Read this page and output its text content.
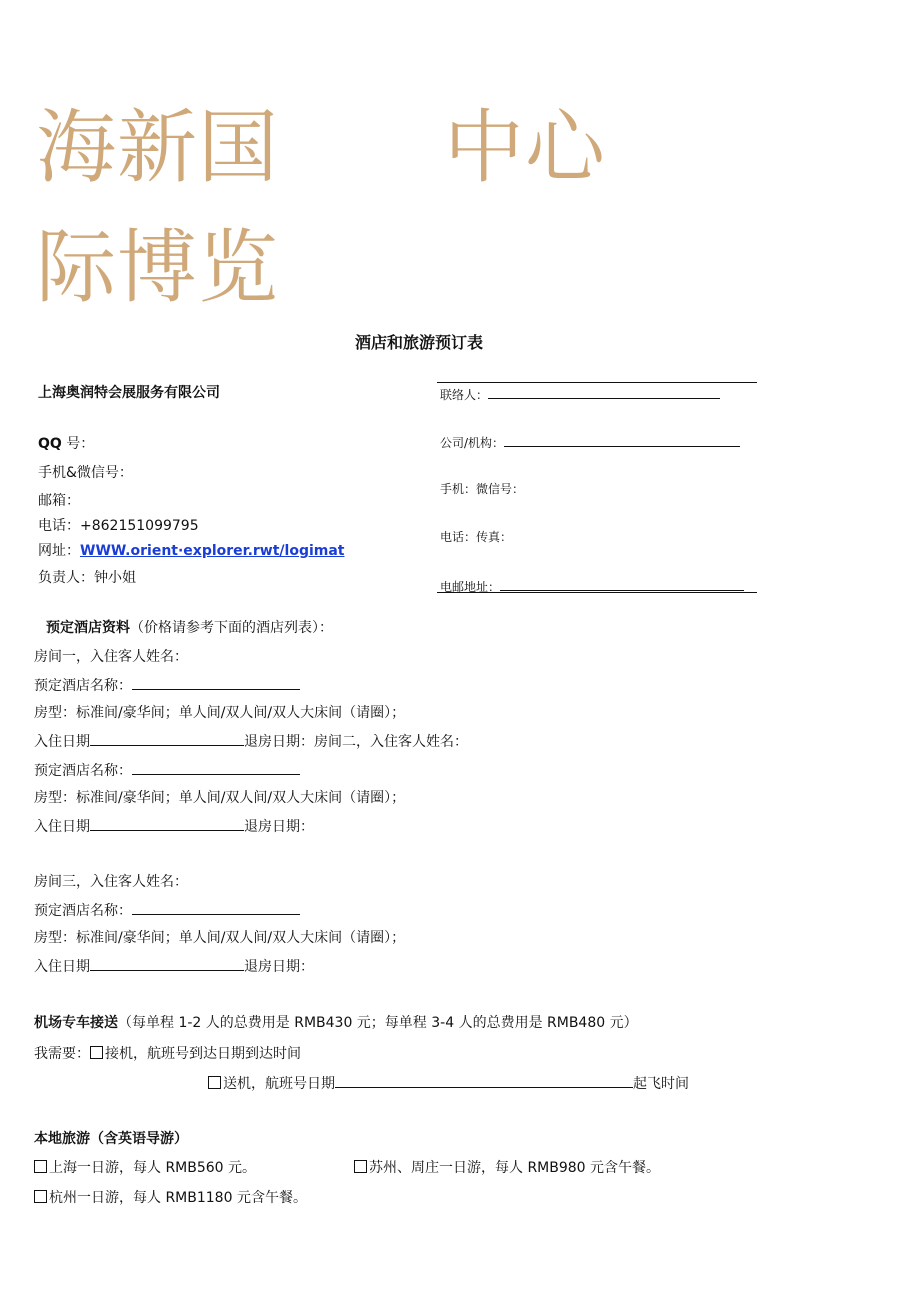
海新国 中心
际博览
酒店和旅游预订表
上海奥润特会展服务有限公司
QQ 号：
手机&微信号：
邮箱：
电话：+862151099795
网址：WWW.orient·explorer.rwt/logimat
负责人：钟小姐
联络人：
公司/机构：
手机：微信号：
电话：传真：
电邮地址：
预定酒店资料（价格请参考下面的酒店列表）：
房间一，入住客人姓名：
预定酒店名称：
房型：标准间/豪华间；单人间/双人间/双人大床间（请圈）；
入住日期	退房日期：房间二，入住客人姓名：
预定酒店名称：
房型：标准间/豪华间；单人间/双人间/双人大床间（请圈）；
入住日期	退房日期：
房间三，入住客人姓名：
预定酒店名称：
房型：标准间/豪华间；单人间/双人间/双人大床间（请圈）；
入住日期	退房日期：
机场专车接送（每单程 1-2 人的总费用是 RMB430 元；每单程 3-4 人的总费用是 RMB480 元）
我需要： 接机，航班号到达日期到达时间
送机，航班号日期	起飞时间
本地旅游（含英语导游）
上海一日游，每人 RMB560 元。	苏州、周庄一日游，每人 RMB980 元含午餐。
杭州一日游，每人 RMB1180 元含午餐。
